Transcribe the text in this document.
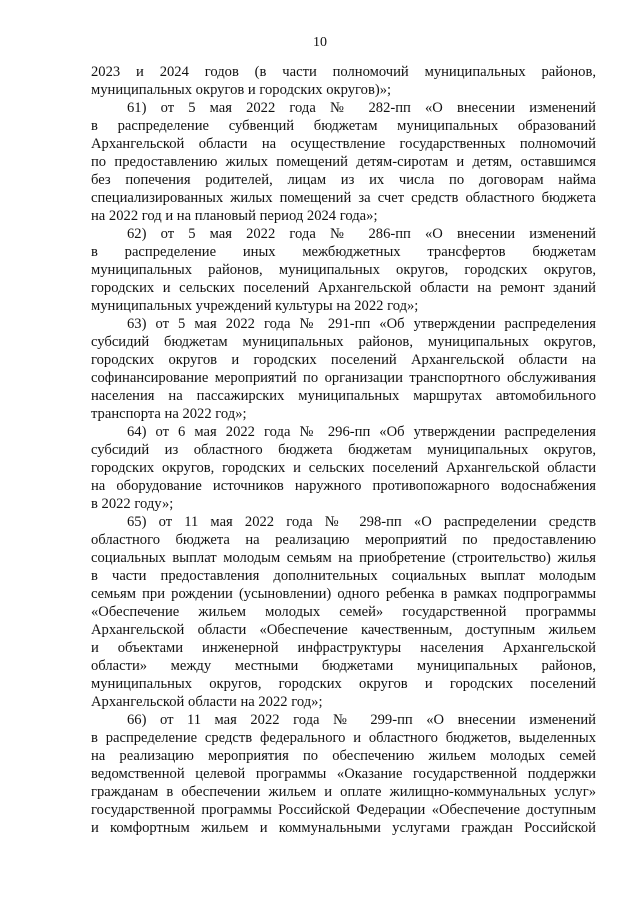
10
2023 и 2024 годов (в части полномочий муниципальных районов,
муниципальных округов и городских округов)»;
61) от 5 мая 2022 года № 282-пп «О внесении изменений
в распределение субвенций бюджетам муниципальных образований
Архангельской области на осуществление государственных полномочий
по предоставлению жилых помещений детям-сиротам и детям, оставшимся
без попечения родителей, лицам из их числа по договорам найма
специализированных жилых помещений за счет средств областного бюджета
на 2022 год и на плановый период 2024 года»;
62) от 5 мая 2022 года № 286-пп «О внесении изменений
в распределение иных межбюджетных трансфертов бюджетам
муниципальных районов, муниципальных округов, городских округов,
городских и сельских поселений Архангельской области на ремонт зданий
муниципальных учреждений культуры на 2022 год»;
63) от 5 мая 2022 года № 291-пп «Об утверждении распределения
субсидий бюджетам муниципальных районов, муниципальных округов,
городских округов и городских поселений Архангельской области на
софинансирование мероприятий по организации транспортного обслуживания
населения на пассажирских муниципальных маршрутах автомобильного
транспорта на 2022 год»;
64) от 6 мая 2022 года № 296-пп «Об утверждении распределения
субсидий из областного бюджета бюджетам муниципальных округов,
городских округов, городских и сельских поселений Архангельской области
на оборудование источников наружного противопожарного водоснабжения
в 2022 году»;
65) от 11 мая 2022 года № 298-пп «О распределении средств
областного бюджета на реализацию мероприятий по предоставлению
социальных выплат молодым семьям на приобретение (строительство) жилья
в части предоставления дополнительных социальных выплат молодым
семьям при рождении (усыновлении) одного ребенка в рамках подпрограммы
«Обеспечение жильем молодых семей» государственной программы
Архангельской области «Обеспечение качественным, доступным жильем
и объектами инженерной инфраструктуры населения Архангельской
области» между местными бюджетами муниципальных районов,
муниципальных округов, городских округов и городских поселений
Архангельской области на 2022 год»;
66) от 11 мая 2022 года № 299-пп «О внесении изменений
в распределение средств федерального и областного бюджетов, выделенных
на реализацию мероприятия по обеспечению жильем молодых семей
ведомственной целевой программы «Оказание государственной поддержки
гражданам в обеспечении жильем и оплате жилищно-коммунальных услуг»
государственной программы Российской Федерации «Обеспечение доступным
и комфортным жильем и коммунальными услугами граждан Российской
